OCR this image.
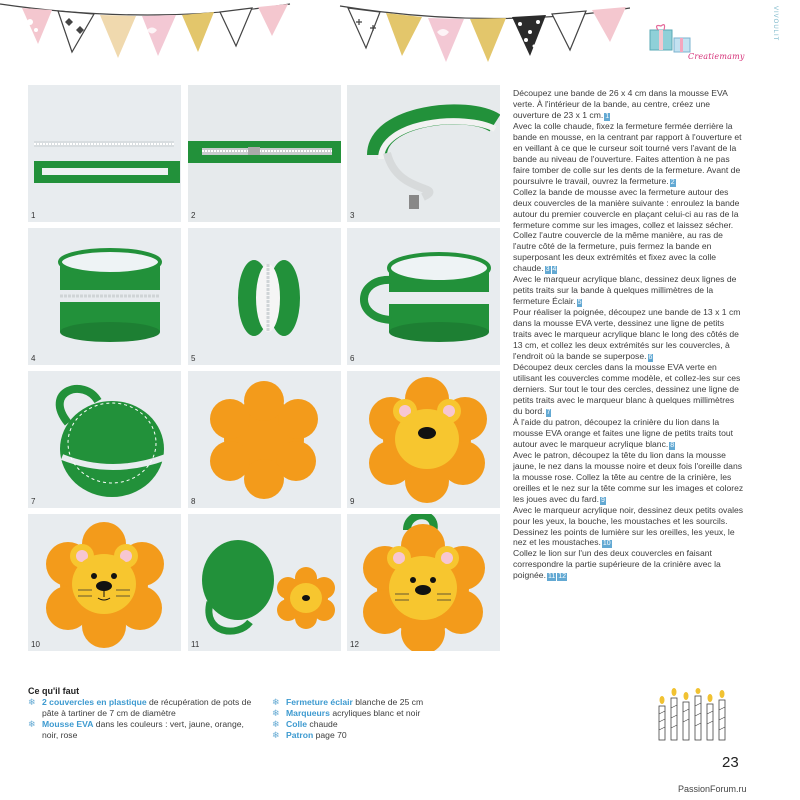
Creatiemamy
VIVOULIT
1	2	3
4	5	6
7	8	9
10	11	12

Découpez une bande de 26 x 4 cm dans la mousse EVA verte. À l'intérieur de la bande, au centre, créez une ouverture de 23 x 1 cm. 1

Avec la colle chaude, fixez la fermeture fermée derrière la bande en mousse, en la centrant par rapport à l'ouverture et en veillant à ce que le curseur soit tourné vers l'avant de la bande au niveau de l'ouverture. Faites attention à ne pas faire tomber de colle sur les dents de la fermeture. Avant de poursuivre le travail, ouvrez la fermeture. 2

Collez la bande de mousse avec la fermeture autour des deux couvercles de la manière suivante : enroulez la bande autour du premier couvercle en plaçant celui-ci au ras de la fermeture comme sur les images, collez et laissez sécher. Collez l'autre couvercle de la même manière, au ras de l'autre côté de la fermeture, puis fermez la bande en superposant les deux extrémités et fixez avec la colle chaude. 3 4

Avec le marqueur acrylique blanc, dessinez deux lignes de petits traits sur la bande à quelques millimètres de la fermeture Éclair. 5

Pour réaliser la poignée, découpez une bande de 13 x 1 cm dans la mousse EVA verte, dessinez une ligne de petits traits avec le marqueur acrylique blanc le long des côtés de 13 cm, et collez les deux extrémités sur les couvercles, à l'endroit où la bande se superpose. 6

Découpez deux cercles dans la mousse EVA verte en utilisant les couvercles comme modèle, et collez-les sur ces derniers. Sur tout le tour des cercles, dessinez une ligne de petits traits avec le marqueur blanc à quelques millimètres du bord. 7

À l'aide du patron, découpez la crinière du lion dans la mousse EVA orange et faites une ligne de petits traits tout autour avec le marqueur acrylique blanc. 8

Avec le patron, découpez la tête du lion dans la mousse jaune, le nez dans la mousse noire et deux fois l'oreille dans la mousse rose. Collez la tête au centre de la crinière, les oreilles et le nez sur la tête comme sur les images et colorez les joues avec du fard. 9

Avec le marqueur acrylique noir, dessinez deux petits ovales pour les yeux, la bouche, les moustaches et les sourcils. Dessinez les points de lumière sur les oreilles, les yeux, le nez et les moustaches. 10

Collez le lion sur l'un des deux couvercles en faisant correspondre la partie supérieure de la crinière avec la poignée. 11 12

Ce qu'il faut
❄ 2 couvercles en plastique de récupération de pots de pâte à tartiner de 7 cm de diamètre
❄ Mousse EVA dans les couleurs : vert, jaune, orange, noir, rose
❄ Fermeture éclair blanche de 25 cm
❄ Marqueurs acryliques blanc et noir
❄ Colle chaude
❄ Patron page 70
23
PassionForum.ru
